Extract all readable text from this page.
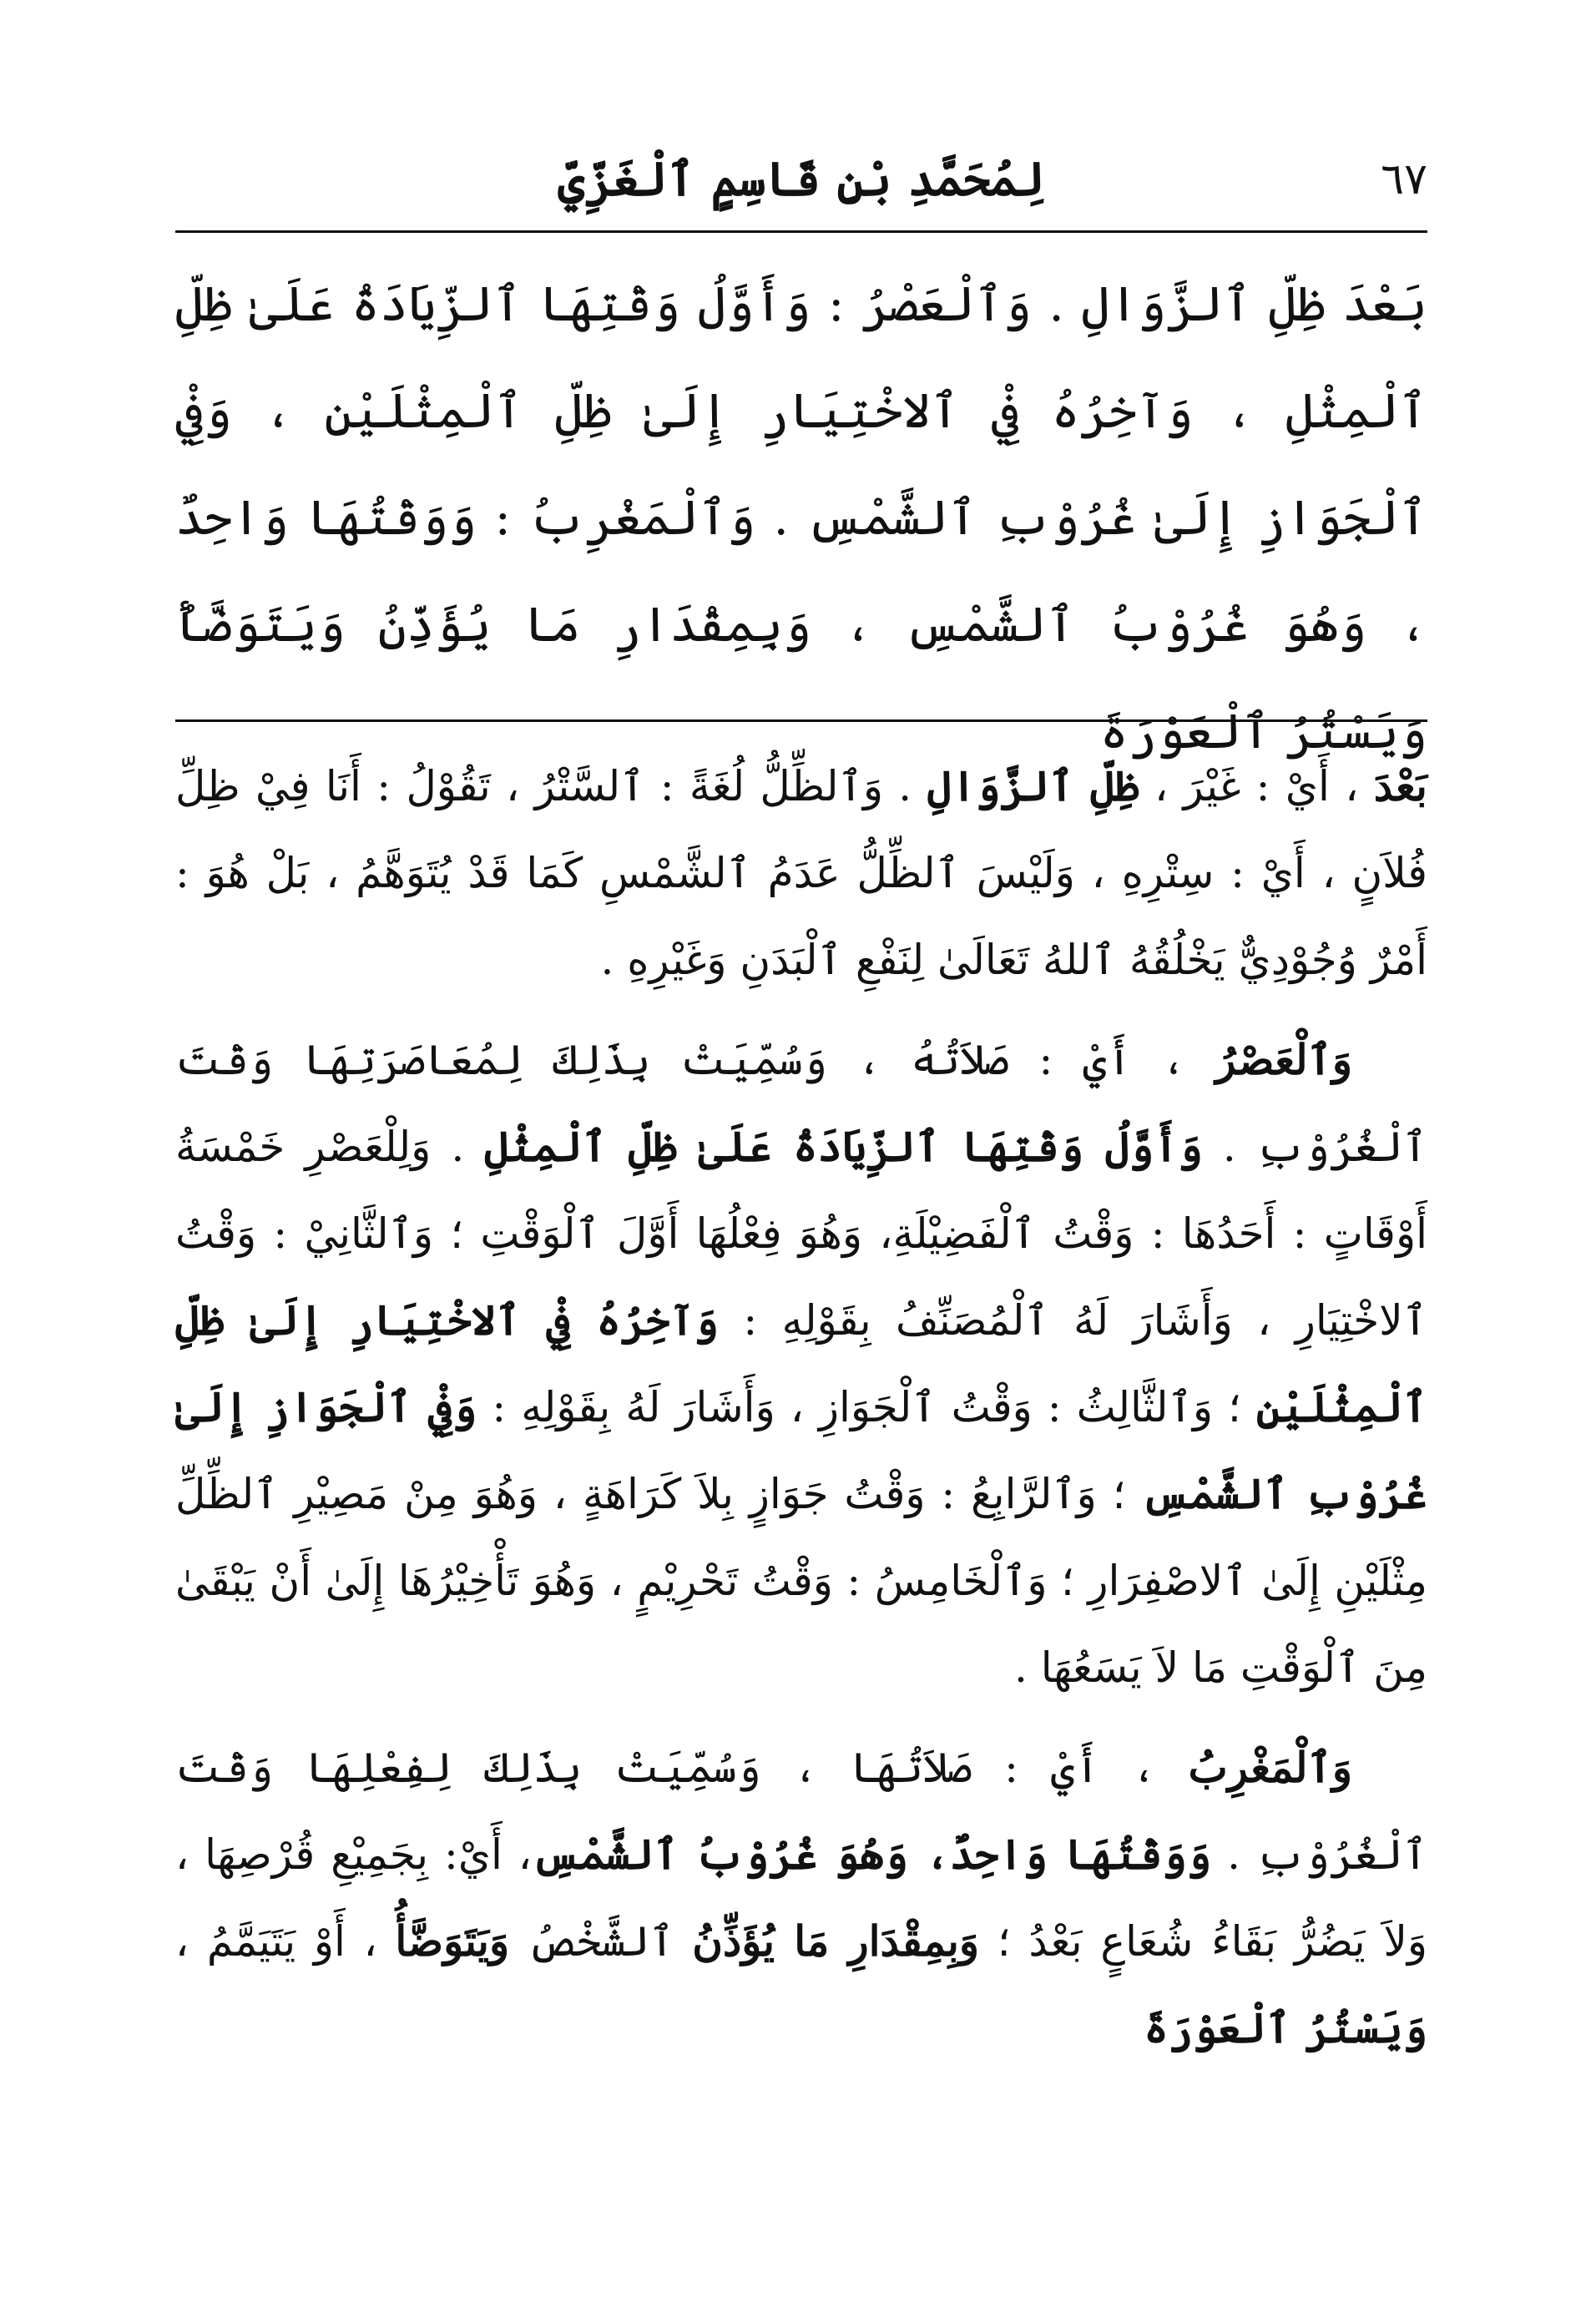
٦٧
لِمُحَمَّدِ بْنِ قَاسِمٍ ٱلْغَزِّيِّ
بَعْدَ ظِلِّ ٱلزَّوَالِ . وَٱلْعَصْرُ : وَأَوَّلُ وَقْتِهَا ٱلزِّيَادَةُ عَلَىٰ ظِلِّ ٱلْمِثْلِ ، وَآخِرُهُ فِيْ ٱلاخْتِيَارِ إِلَىٰ ظِلِّ ٱلْمِثْلَيْنِ ، وَفِيْ ٱلْجَوَازِ إِلَىٰ غُرُوْبِ ٱلشَّمْسِ . وَٱلْمَغْرِبُ : وَوَقْتُهَا وَاحِدٌ ، وَهُوَ غُرُوْبُ ٱلشَّمْسِ ، وَبِمِقْدَارِ مَا يُؤَذِّنُ وَيَتَوَضَّأُ وَيَسْتُرُ ٱلْعَوْرَةَ

بَعْدَ ، أَيْ : غَيْرَ ، ظِلِّ ٱلزَّوَالِ . وَٱلظِّلُّ لُغَةً : ٱلسَّتْرُ ، تَقُوْلُ : أَنَا فِيْ ظِلِّ فُلاَنٍ ، أَيْ : سِتْرِهِ ، وَلَيْسَ ٱلظِّلُّ عَدَمُ ٱلشَّمْسِ كَمَا قَدْ يُتَوَهَّمُ ، بَلْ هُوَ : أَمْرٌ وُجُوْدِيٌّ يَخْلُقُهُ ٱللهُ تَعَالَىٰ لِنَفْعِ ٱلْبَدَنِ وَغَيْرِهِ .

وَٱلْعَصْرُ ، أَيْ : صَلاَتُهُ ، وَسُمِّيَتْ بِذَلِكَ لِمُعَاصَرَتِهَا وَقْتَ ٱلْغُرُوْبِ . وَأَوَّلُ وَقْتِهَا ٱلزِّيَادَةُ عَلَىٰ ظِلِّ ٱلْمِثْلِ . وَلِلْعَصْرِ خَمْسَةُ أَوْقَاتٍ : أَحَدُهَا : وَقْتُ ٱلْفَضِيْلَةِ، وَهُوَ فِعْلُهَا أَوَّلَ ٱلْوَقْتِ ؛ وَٱلثَّانِيْ : وَقْتُ ٱلاخْتِيَارِ ، وَأَشَارَ لَهُ ٱلْمُصَنِّفُ بِقَوْلِهِ : وَآخِرُهُ فِيْ ٱلاخْتِيَارِ إِلَىٰ ظِلِّ ٱلْمِثْلَيْنِ ؛ وَٱلثَّالِثُ : وَقْتُ ٱلْجَوَازِ ، وَأَشَارَ لَهُ بِقَوْلِهِ : وَفِيْ ٱلْجَوَازِ إِلَىٰ غُرُوْبِ ٱلشَّمْسِ ؛ وَٱلرَّابِعُ : وَقْتُ جَوَازٍ بِلاَ كَرَاهَةٍ ، وَهُوَ مِنْ مَصِيْرِ ٱلظِّلِّ مِثْلَيْنِ إِلَىٰ ٱلاصْفِرَارِ ؛ وَٱلْخَامِسُ : وَقْتُ تَحْرِيْمٍ ، وَهُوَ تَأْخِيْرُهَا إِلَىٰ أَنْ يَبْقَىٰ مِنَ ٱلْوَقْتِ مَا لاَ يَسَعُهَا .

وَٱلْمَغْرِبُ ، أَيْ : صَلاَتُهَا ، وَسُمِّيَتْ بِذَلِكَ لِفِعْلِهَا وَقْتَ ٱلْغُرُوْبِ . وَوَقْتُهَا وَاحِدٌ، وَهُوَ غُرُوْبُ ٱلشَّمْسِ، أَيْ: بِجَمِيْعِ قُرْصِهَا ، وَلاَ يَضُرُّ بَقَاءُ شُعَاعٍ بَعْدُ ؛ وَبِمِقْدَارِ مَا يُؤَذِّنُ ٱلشَّخْصُ وَيَتَوَضَّأُ ، أَوْ يَتَيَمَّمُ ، وَيَسْتُرُ ٱلْعَوْرَةَ
